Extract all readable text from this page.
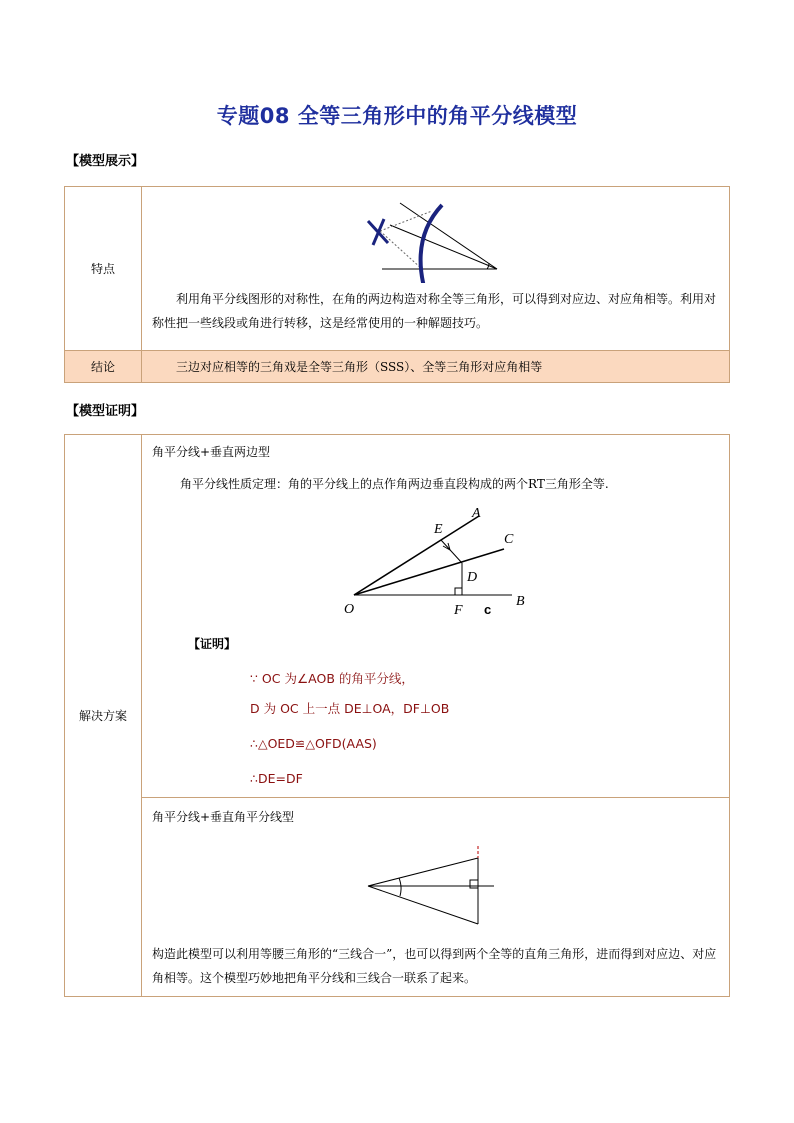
专题08 全等三角形中的角平分线模型
【模型展示】
特点	利用角平分线图形的对称性，在角的两边构造对称全等三角形，可以得到对应边、对应角相等。利用对称性把一些线段或角进行转移，这是经常使用的一种解题技巧。

结论	三边对应相等的三角戏是全等三角形（SSS）、全等三角形对应角相等

【模型证明】
解决方案	
角平分线+垂直两边型
角平分线性质定理：角的平分线上的点作角两边垂直段构成的两个RT三角形全等.
O
A
C
B
E
D
F c
【证明】

角平分线+垂直角平分线型

构造此模型可以利用等腰三角形的“三线合一”，也可以得到两个全等的直角三角形，进而得到对应边、对应角相等。这个模型巧妙地把角平分线和三线合一联系了起来。

∵ OC 为∠AOB 的角平分线，
D 为 OC 上一点 DE⊥OA，DF⊥OB
∴△OED≌△OFD(AAS)
∴DE=DF
